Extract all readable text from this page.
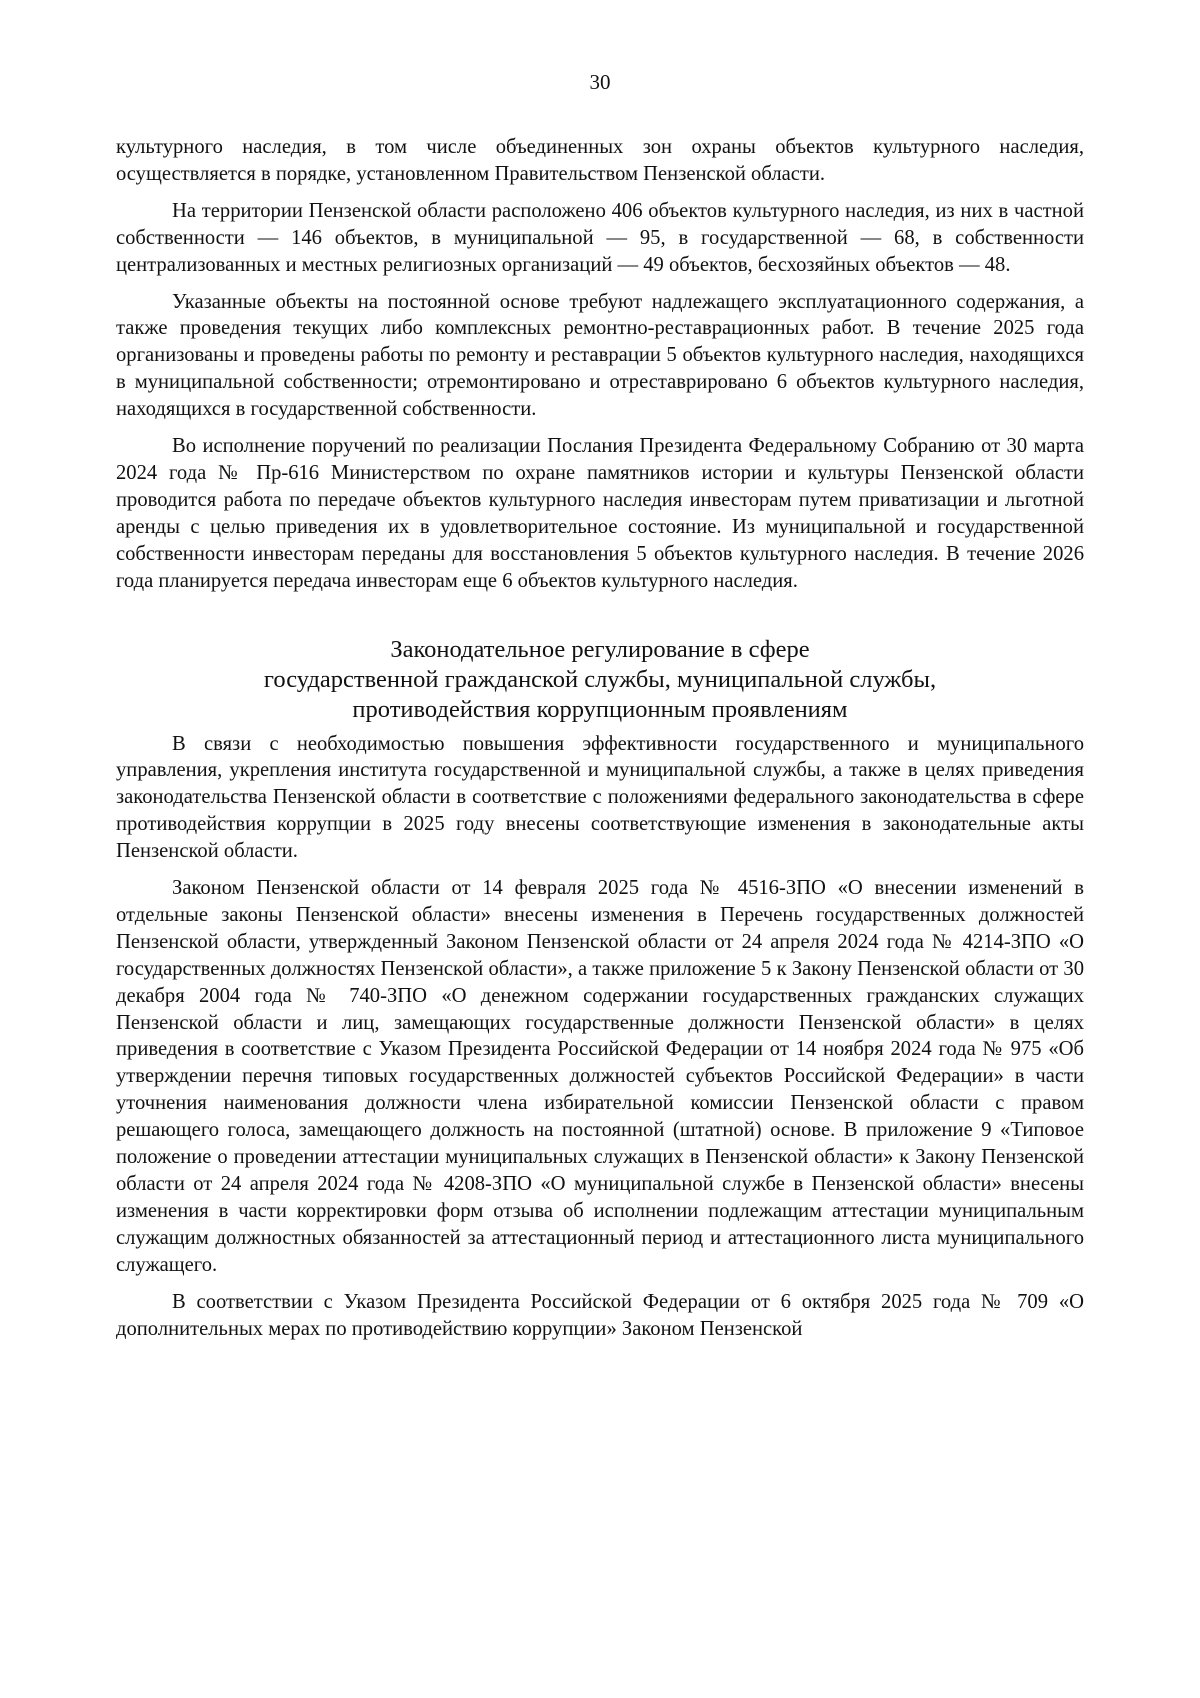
30

культурного наследия, в том числе объединенных зон охраны объектов культурного наследия, осуществляется в порядке, установленном Правительством Пензенской области.

На территории Пензенской области расположено 406 объектов культурного наследия, из них в частной собственности — 146 объектов, в муниципальной — 95, в государственной — 68, в собственности централизованных и местных религиозных организаций — 49 объектов, бесхозяйных объектов — 48.

Указанные объекты на постоянной основе требуют надлежащего эксплуатационного содержания, а также проведения текущих либо комплексных ремонтно-реставрационных работ. В течение 2025 года организованы и проведены работы по ремонту и реставрации 5 объектов культурного наследия, находящихся в муниципальной собственности; отремонтировано и отреставрировано 6 объектов культурного наследия, находящихся в государственной собственности.

Во исполнение поручений по реализации Послания Президента Федеральному Собранию от 30 марта 2024 года № Пр-616 Министерством по охране памятников истории и культуры Пензенской области проводится работа по передаче объектов культурного наследия инвесторам путем приватизации и льготной аренды с целью приведения их в удовлетворительное состояние. Из муниципальной и государственной собственности инвесторам переданы для восстановления 5 объектов культурного наследия. В течение 2026 года планируется передача инвесторам еще 6 объектов культурного наследия.

Законодательное регулирование в сфере
государственной гражданской службы, муниципальной службы,
противодействия коррупционным проявлениям

В связи с необходимостью повышения эффективности государственного и муниципального управления, укрепления института государственной и муниципальной службы, а также в целях приведения законодательства Пензенской области в соответствие с положениями федерального законодательства в сфере противодействия коррупции в 2025 году внесены соответствующие изменения в законодательные акты Пензенской области.

Законом Пензенской области от 14 февраля 2025 года № 4516-ЗПО «О внесении изменений в отдельные законы Пензенской области» внесены изменения в Перечень государственных должностей Пензенской области, утвержденный Законом Пензенской области от 24 апреля 2024 года № 4214-ЗПО «О государственных должностях Пензенской области», а также приложение 5 к Закону Пензенской области от 30 декабря 2004 года № 740-ЗПО «О денежном содержании государственных гражданских служащих Пензенской области и лиц, замещающих государственные должности Пензенской области» в целях приведения в соответствие с Указом Президента Российской Федерации от 14 ноября 2024 года № 975 «Об утверждении перечня типовых государственных должностей субъектов Российской Федерации» в части уточнения наименования должности члена избирательной комиссии Пензенской области с правом решающего голоса, замещающего должность на постоянной (штатной) основе. В приложение 9 «Типовое положение о проведении аттестации муниципальных служащих в Пензенской области» к Закону Пензенской области от 24 апреля 2024 года № 4208-ЗПО «О муниципальной службе в Пензенской области» внесены изменения в части корректировки форм отзыва об исполнении подлежащим аттестации муниципальным служащим должностных обязанностей за аттестационный период и аттестационного листа муниципального служащего.

В соответствии с Указом Президента Российской Федерации от 6 октября 2025 года № 709 «О дополнительных мерах по противодействию коррупции» Законом Пензенской
